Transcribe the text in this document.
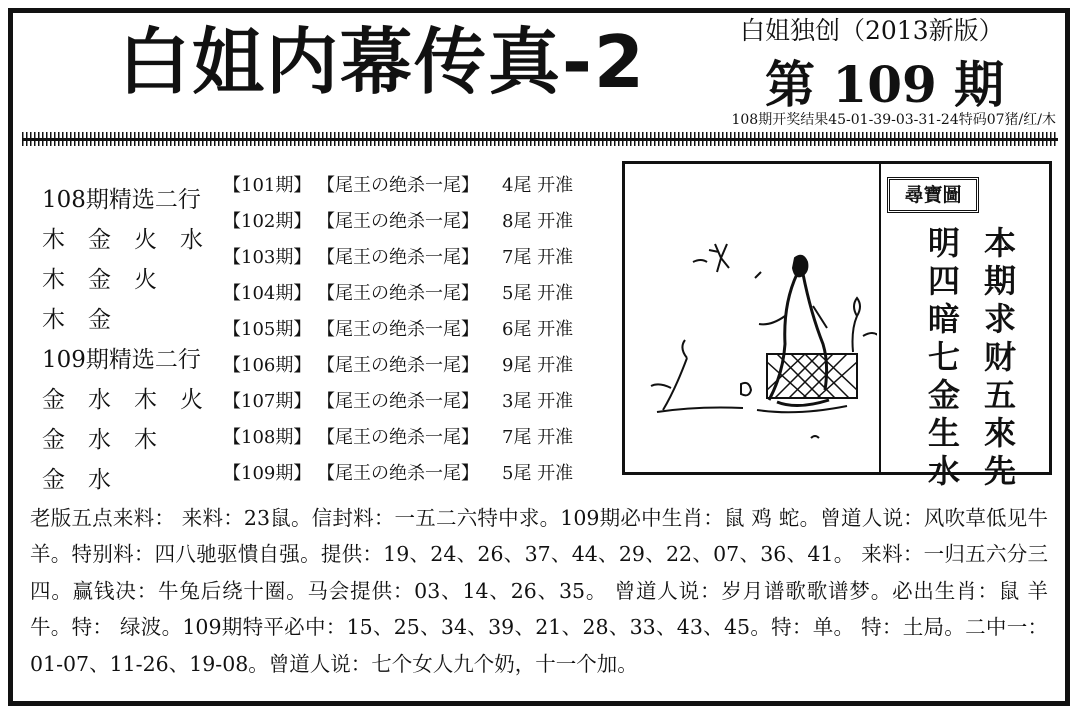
白姐内幕传真-2	白姐独创（2013新版）
第 109 期
108期开奖结果45-01-39-03-31-24特码07猪/红/木
108期精选二行
木 金 火 水
木 金 火
木 金
109期精选二行
金 水 木 火
金 水 木
金 水
【101期】 【尾王の绝杀一尾】 4尾 开准
【102期】 【尾王の绝杀一尾】 8尾 开准
【103期】 【尾王の绝杀一尾】 7尾 开准
【104期】 【尾王の绝杀一尾】 5尾 开准
【105期】 【尾王の绝杀一尾】 6尾 开准
【106期】 【尾王の绝杀一尾】 9尾 开准
【107期】 【尾王の绝杀一尾】 3尾 开准
【108期】 【尾王の绝杀一尾】 7尾 开准
【109期】 【尾王の绝杀一尾】 5尾 开准
尋寶圖
本期求财五來先
明四暗七金生水
老版五点来料： 来料：23鼠。信封料：一五二六特中求。109期必中生肖：鼠 鸡 蛇。曾道人说：风吹草低见牛羊。特别料：四八驰驱憒自强。提供：19、24、26、37、44、29、22、07、36、41。 来料：一归五六分三四。赢钱决：牛兔后绕十圈。马会提供：03、14、26、35。 曾道人说：岁月谱歌歌谱梦。必出生肖：鼠 羊 牛。特： 绿波。109期特平必中：15、25、34、39、21、28、33、43、45。特：单。 特：土局。二中一：01-07、11-26、19-08。曾道人说：七个女人九个奶，十一个加。
